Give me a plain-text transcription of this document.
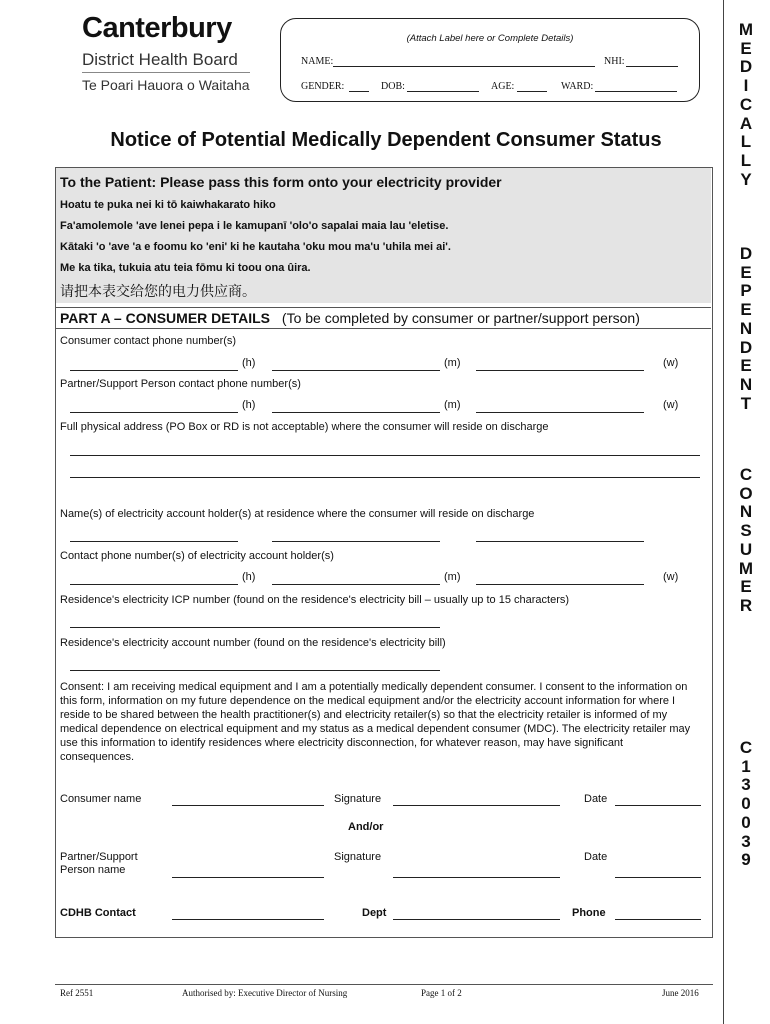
Canterbury
District Health Board
Te Poari Hauora o Waitaha
(Attach Label here or Complete Details)
NAME:	NHI:
GENDER:	DOB:	AGE:	WARD:
Notice of Potential Medically Dependent Consumer Status
To the Patient: Please pass this form onto your electricity provider
Hoatu te puka nei ki tō kaiwhakarato hiko
Fa'amolemole 'ave lenei pepa i le kamupanī 'olo'o sapalai maia lau 'eletise.
Kātaki 'o 'ave 'a e foomu ko 'eni' ki he kautaha 'oku mou ma'u 'uhila mei ai'.
Me ka tika, tukuia atu teia fōmu ki toou ona ûira.
请把本表交给您的电力供应商。
PART A – CONSUMER DETAILS (To be completed by consumer or partner/support person)
Consumer contact phone number(s)
(h)	(m)	(w)
Partner/Support Person contact phone number(s)
(h)	(m)	(w)
Full physical address (PO Box or RD is not acceptable) where the consumer will reside on discharge
Name(s) of electricity account holder(s) at residence where the consumer will reside on discharge
Contact phone number(s) of electricity account holder(s)
(h)	(m)	(w)
Residence's electricity ICP number (found on the residence's electricity bill – usually up to 15 characters)
Residence's electricity account number (found on the residence's electricity bill)
Consent: I am receiving medical equipment and I am a potentially medically dependent consumer. I consent to the information on this form, information on my future dependence on the medical equipment and/or the electricity account information for where I reside to be shared between the health practitioner(s) and electricity retailer(s) so that the electricity retailer is informed of my medical dependence on electrical equipment and my status as a medical dependent consumer (MDC). The electricity retailer may use this information to identify residences where electricity disconnection, for whatever reason, may have significant consequences.
Consumer name	Signature	Date
And/or
Partner/Support
Person name
Signature	Date
CDHB Contact	Dept	Phone
M
E
D
I
C
A
L
L
Y
D
E
P
E
N
D
E
N
T
C
O
N
S
U
M
E
R
C
1
3
0
0
3
9
Ref 2551	Authorised by: Executive Director of Nursing	Page 1 of 2	June 2016
